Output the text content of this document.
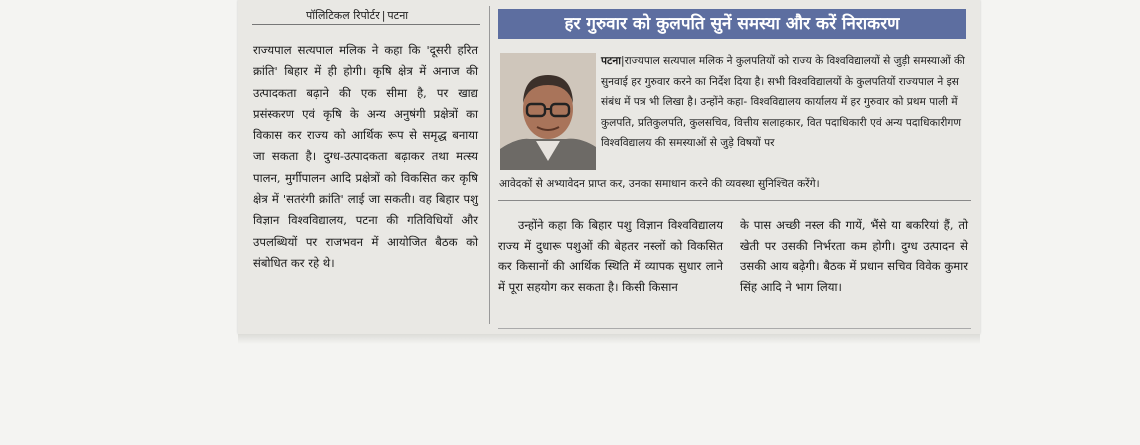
पॉलिटिकल रिपोर्टर | पटना
राज्यपाल सत्यपाल मलिक ने कहा कि 'दूसरी हरित क्रांति' बिहार में ही होगी। कृषि क्षेत्र में अनाज की उत्पादकता बढ़ाने की एक सीमा है, पर खाद्य प्रसंस्करण एवं कृषि के अन्य अनुषंगी प्रक्षेत्रों का विकास कर राज्य को आर्थिक रूप से समृद्ध बनाया जा सकता है। दुग्ध-उत्पादकता बढ़ाकर तथा मत्स्य पालन, मुर्गीपालन आदि प्रक्षेत्रों को विकसित कर कृषि क्षेत्र में 'सतरंगी क्रांति' लाई जा सकती। वह बिहार पशु विज्ञान विश्वविद्यालय, पटना की गतिविधियों और उपलब्धियों पर राजभवन में आयोजित बैठक को संबोधित कर रहे थे।
हर गुरुवार को कुलपति सुनें समस्या और करें निराकरण
पटना|राज्यपाल सत्यपाल मलिक ने कुलपतियों को राज्य के विश्वविद्यालयों से जुड़ी समस्याओं की सुनवाई हर गुरुवार करने का निर्देश दिया है। सभी विश्वविद्यालयों के कुलपतियों राज्यपाल ने इस संबंध में पत्र भी लिखा है। उन्होंने कहा- विश्वविद्यालय कार्यालय में हर गुरुवार को प्रथम पाली में कुलपति, प्रतिकुलपति, कुलसचिव, वित्तीय सलाहकार, वित पदाधिकारी एवं अन्य पदाधिकारीगण विश्वविद्यालय की समस्याओं से जुड़े विषयों पर
आवेदकों से अभ्यावेदन प्राप्त कर, उनका समाधान करने की व्यवस्था सुनिश्चित करेंगे।
उन्होंने कहा कि बिहार पशु विज्ञान विश्वविद्यालय राज्य में दुधारू पशुओं की बेहतर नस्लों को विकसित कर किसानों की आर्थिक स्थिति में व्यापक सुधार लाने में पूरा सहयोग कर सकता है। किसी किसान
के पास अच्छी नस्ल की गायें, भैंसे या बकरियां हैं, तो खेती पर उसकी निर्भरता कम होगी। दुग्ध उत्पादन से उसकी आय बढ़ेगी। बैठक में प्रधान सचिव विवेक कुमार सिंह आदि ने भाग लिया।
